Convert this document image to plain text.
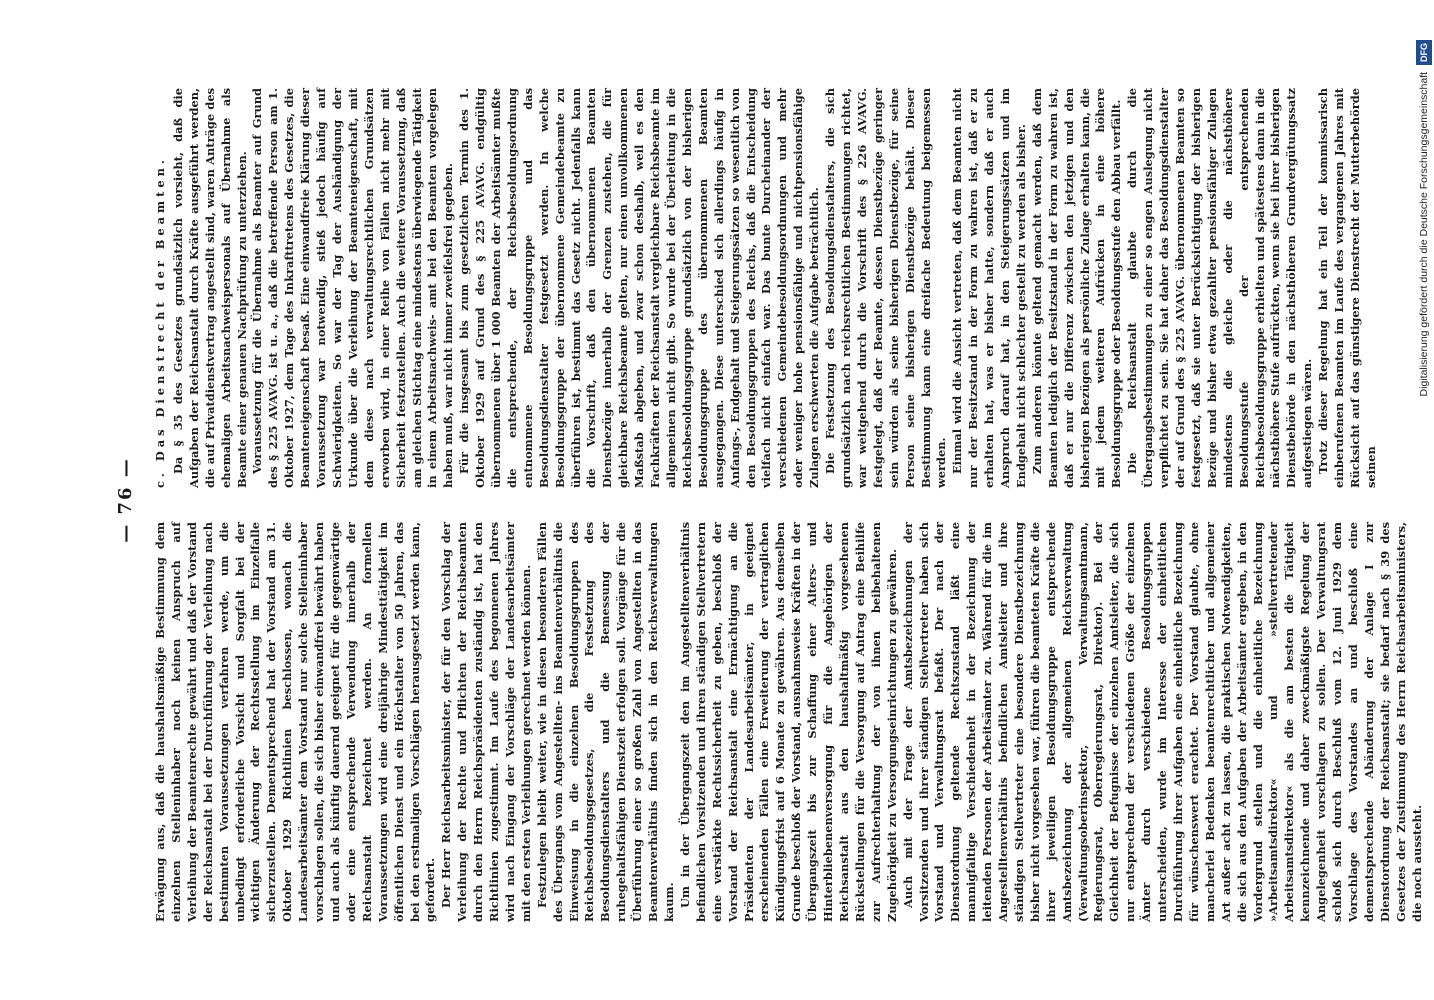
— 76 —

Erwägung aus, daß die haushaltsmäßige Bestimmung dem einzelnen Stelleninhaber noch keinen Anspruch auf Verleihung der Beamtenrechte gewährt und daß der Vorstand der Reichsanstalt bei der Durchführung der Verleihung nach bestimmten Voraussetzungen verfahren werde, um die unbedingt erforderliche Vorsicht und Sorgfalt bei der wichtigen Änderung der Rechtsstellung im Einzelfalle sicherzustellen. Dementsprechend hat der Vorstand am 31. Oktober 1929 Richtlinien beschlossen, wonach die Landesarbeitsämter dem Vorstand nur solche Stelleninhaber vorschlagen sollen, die sich bisher einwandfrei bewährt haben und auch als künftig dauernd geeignet für die gegenwärtige oder eine entsprechende Verwendung innerhalb der Reichsanstalt bezeichnet werden. An formellen Voraussetzungen wird eine dreijährige Mindesttätigkeit im öffentlichen Dienst und ein Höchstalter von 50 Jahren, das bei den erstmaligen Vorschlägen herausgesetzt werden kann, gefordert. Der Herr Reichsarbeitsminister, der für den Vorschlag der Verleihung der Rechte und Pflichten der Reichsbeamten durch den Herrn Reichspräsidenten zuständig ist, hat den Richtlinien zugestimmt. Im Laufe des begonnenen Jahres wird nach Eingang der Vorschläge der Landesarbeitsämter mit den ersten Verleihungen gerechnet werden können. Festzulegen bleibt weiter, wie in diesen besonderen Fällen des Übergangs vom Angestellten- ins Beamtenverhältnis die Einweisung in die einzelnen Besoldungsgruppen des Reichsbesoldungsgesetzes, die Festsetzung des Besoldungsdienstalters und die Bemessung der ruhegehaltsfähigen Dienstzeit erfolgen soll. Vorgänge für die Überführung einer so großen Zahl von Angestellten in das Beamtenverhältnis finden sich in den Reichsverwaltungen kaum. Um in der Übergangszeit den im Angestelltenverhältnis befindlichen Vorsitzenden und ihren ständigen Stellvertretern eine verstärkte Rechtssicherheit zu geben, beschloß der Vorstand der Reichsanstalt eine Ermächtigung an die Präsidenten der Landesarbeitsämter, in geeignet erscheinenden Fällen eine Erweiterung der vertraglichen Kündigungsfrist auf 6 Monate zu gewähren. Aus demselben Grunde beschloß der Vorstand, ausnahmsweise Kräften in der Übergangszeit bis zur Schaffung einer Alters- und Hinterbliebenenversorgung für die Angehörigen der Reichsanstalt aus den haushaltmäßig vorgesehenen Rückstellungen für die Versorgung auf Antrag eine Beihilfe zur Aufrechterhaltung der von ihnen beibehaltenen Zugehörigkeit zu Versorgungseinrichtungen zu gewähren. Auch mit der Frage der Amtsbezeichnungen der Vorsitzenden und ihrer ständigen Stellvertreter haben sich Vorstand und Verwaltungsrat befaßt. Der nach der Dienstordnung geltende Rechtszustand läßt eine mannigfaltige Verschiedenheit in der Bezeichnung der leitenden Personen der Arbeitsämter zu. Während für die im Angestelltenverhältnis befindlichen Amtsleiter und ihre ständigen Stellvertreter eine besondere Dienstbezeichnung bisher nicht vorgesehen war, führen die beamteten Kräfte die ihrer jeweiligen Besoldungsgruppe entsprechende Amtsbezeichnung der allgemeinen Reichsverwaltung (Verwaltungsoberinspektor, Verwaltungsamtmann, Regierungsrat, Oberregierungsrat, Direktor). Bei der Gleichheit der Befugnisse der einzelnen Amtsleiter, die sich nur entsprechend der verschiedenen Größe der einzelnen Ämter durch verschiedene Besoldungsgruppen unterscheiden, wurde im Interesse der einheitlichen Durchführung ihrer Aufgaben eine einheitliche Bezeichnung für wünschenswert erachtet. Der Vorstand glaubte, ohne mancherlei Bedenken beamtenrechtlicher und allgemeiner Art außer acht zu lassen, die praktischen Notwendigkeiten, die sich aus den Aufgaben der Arbeitsämter ergeben, in den Vordergrund stellen und die einheitliche Bezeichnung »Arbeitsamtsdirektor« und »stellvertretender Arbeitsamtsdirektor« als die am besten die Tätigkeit kennzeichnende und daher zweckmäßigste Regelung der Angelegenheit vorschlagen zu sollen. Der Verwaltungsrat schloß sich durch Beschluß vom 12. Juni 1929 dem Vorschlage des Vorstandes an und beschloß eine dementsprechende Abänderung der Anlage I zur Dienstordnung der Reichsanstalt; sie bedarf nach § 39 des Gesetzes der Zustimmung des Herrn Reichsarbeitsministers, die noch aussteht.

c. Das Dienstrecht der Beamten. Da § 35 des Gesetzes grundsätzlich vorsieht, daß die Aufgaben der Reichsanstalt durch Kräfte ausgeführt werden, die auf Privatdienstvertrag angestellt sind, waren Anträge des ehemaligen Arbeitsnachweispersonals auf Übernahme als Beamte einer genauen Nachprüfung zu unterziehen. Voraussetzung für die Übernahme als Beamter auf Grund des § 225 AVAVG. ist u. a., daß die betreffende Person am 1. Oktober 1927, dem Tage des Inkrafttretens des Gesetzes, die Beamteneigenschaft besaß. Eine einwandfreie Klärung dieser Voraussetzung war notwendig, stieß jedoch häufig auf Schwierigkeiten. So war der Tag der Aushändigung der Urkunde über die Verleihung der Beamteneigenschaft, mit dem diese nach verwaltungsrechtlichen Grundsätzen erworben wird, in einer Reihe von Fällen nicht mehr mit Sicherheit festzustellen. Auch die weitere Voraussetzung, daß am gleichen Stichtag eine mindestens überwiegende Tätigkeit in einem Arbeitsnachweis- amt bei den Beamten vorgelegen haben muß, war nicht immer zweifelsfrei gegeben. Für die insgesamt bis zum gesetzlichen Termin des 1. Oktober 1929 auf Grund des § 225 AVAVG. endgültig übernommenen über 1 000 Beamten der Arbeitsämter mußte die entsprechende, der Reichsbesoldungsordnung entnommene Besoldungsgruppe und das Besoldungsdienstalter festgesetzt werden. In welche Besoldungsgruppe der übernommene Gemeindebeamte zu überführen ist, bestimmt das Gesetz nicht. Jedenfalls kann die Vorschrift, daß den übernommenen Beamten Dienstbezüge innerhalb der Grenzen zustehen, die für gleichbare Reichsbeamte gelten, nur einen unvollkommenen Maßstab abgeben, und zwar schon deshalb, weil es den Fachkräften der Reichsanstalt vergleichbare Reichsbeamte im allgemeinen nicht gibt. So wurde bei der Überleitung in die Reichsbesoldungsgruppe grundsätzlich von der bisherigen Besoldungsgruppe des übernommenen Beamten ausgegangen. Diese unterschied sich allerdings häufig in Anfangs-, Endgehalt und Steigerungssätzen so wesentlich von den Besoldungsgruppen des Reichs, daß die Entscheidung vielfach nicht einfach war. Das bunte Durcheinander der verschiedenen Gemeindebesoldungsordnungen und mehr oder weniger hohe pensionsfähige und nichtpensionsfähige Zulagen erschwerten die Aufgabe beträchtlich. Die Festsetzung des Besoldungsdienstalters, die sich grundsätzlich nach reichsrechtlichen Bestimmungen richtet, war weitgehend durch die Vorschrift des § 226 AVAVG. festgelegt, daß der Beamte, dessen Dienstbezüge geringer sein würden als seine bisherigen Dienstbezüge, für seine Person seine bisherigen Dienstbezüge behält. Dieser Bestimmung kann eine dreifache Bedeutung beigemessen werden. Einmal wird die Ansicht vertreten, daß dem Beamten nicht nur der Besitzstand in der Form zu wahren ist, daß er zu erhalten hat, was er bisher hatte, sondern daß er auch Anspruch darauf hat, in den Steigerungssätzen und im Endgehalt nicht schlechter gestellt zu werden als bisher. Zum anderen könnte geltend gemacht werden, daß dem Beamten lediglich der Besitzstand in der Form zu wahren ist, daß er nur die Differenz zwischen den jetzigen und den bisherigen Bezügen als persönliche Zulage erhalten kann, die mit jedem weiteren Aufrücken in eine höhere Besoldungsgruppe oder Besoldungsstufe den Abbau verfällt. Die Reichsanstalt glaubte durch die Übergangsbestimmungen zu einer so engen Auslegung nicht verpflichtet zu sein. Sie hat daher das Besoldungsdienstalter der auf Grund des § 225 AVAVG. übernommenen Beamten so festgesetzt, daß sie unter Berücksichtigung der bisherigen Bezüge und bisher etwa gezahlter pensionsfähiger Zulagen mindestens die gleiche oder die nächsthöhere Besoldungsstufe der entsprechenden Reichsbesoldungsgruppe erhielten und spätestens dann in die nächsthöhere Stufe aufrückten, wenn sie bei ihrer bisherigen Dienstbehörde in den nächsthöheren Grundvergütungssatz aufgestiegen wären. Trotz dieser Regelung hat ein Teil der kommissarisch einberufenen Beamten im Laufe des vergangenen Jahres mit Rücksicht auf das günstigere Dienstrecht der Mutterbehörde seinen

Digitalisierung gefördert durch die Deutsche Forschungsgemeinschaft DFG
